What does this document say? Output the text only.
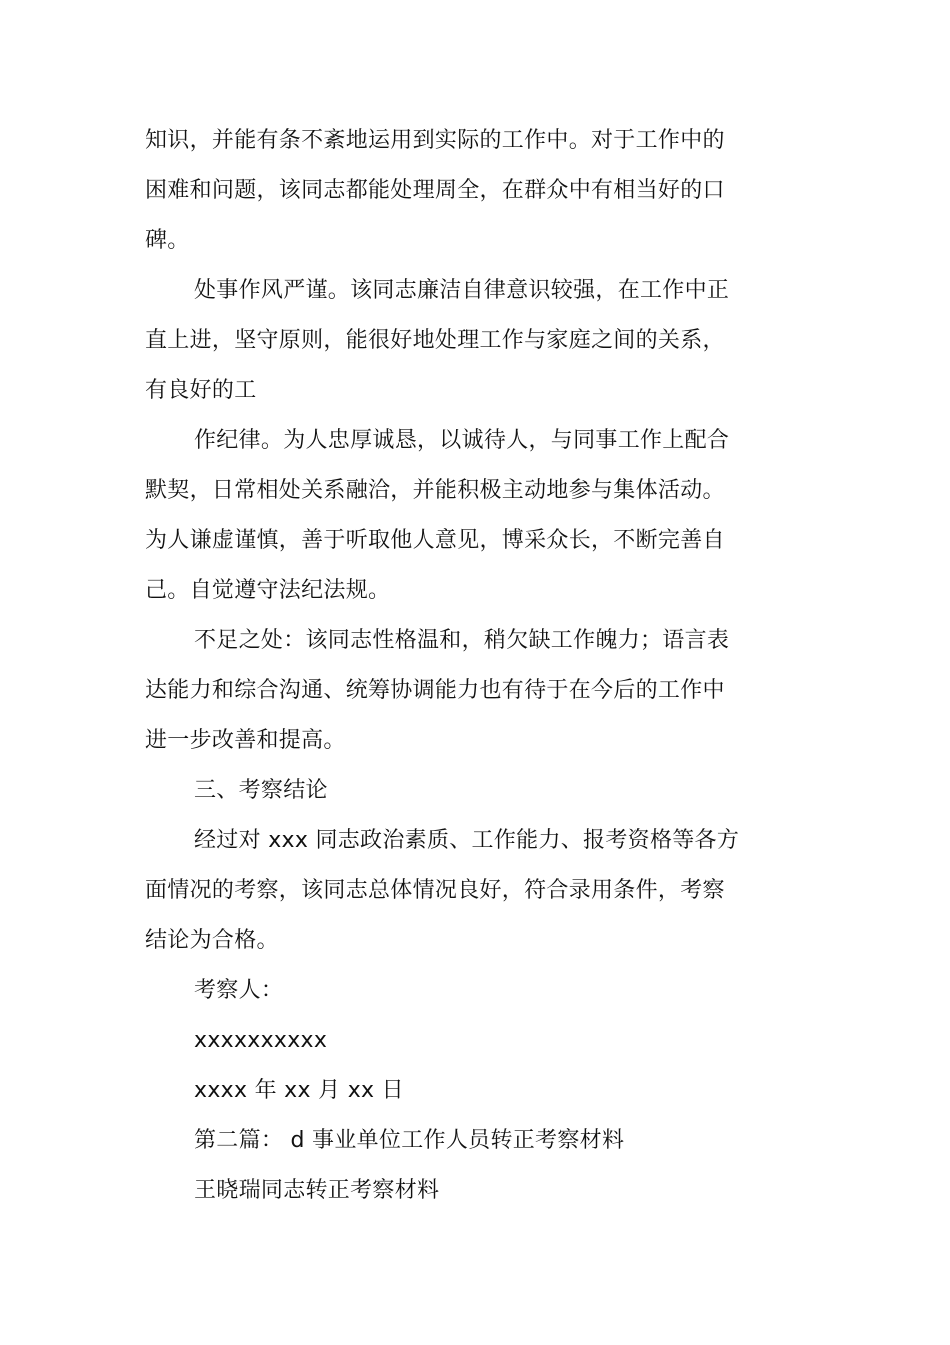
知识，并能有条不紊地运用到实际的工作中。对于工作中的
困难和问题，该同志都能处理周全，在群众中有相当好的口
碑。
处事作风严谨。该同志廉洁自律意识较强，在工作中正
直上进，坚守原则，能很好地处理工作与家庭之间的关系，
有良好的工
作纪律。为人忠厚诚恳，以诚待人，与同事工作上配合
默契，日常相处关系融洽，并能积极主动地参与集体活动。
为人谦虚谨慎，善于听取他人意见，博采众长，不断完善自
己。自觉遵守法纪法规。
不足之处：该同志性格温和，稍欠缺工作魄力；语言表
达能力和综合沟通、统筹协调能力也有待于在今后的工作中
进一步改善和提高。
三、考察结论
经过对 xxx 同志政治素质、工作能力、报考资格等各方
面情况的考察，该同志总体情况良好，符合录用条件，考察
结论为合格。
考察人：
xxxxxxxxxx
xxxx 年 xx 月 xx 日
第二篇： d 事业单位工作人员转正考察材料
王晓瑞同志转正考察材料
